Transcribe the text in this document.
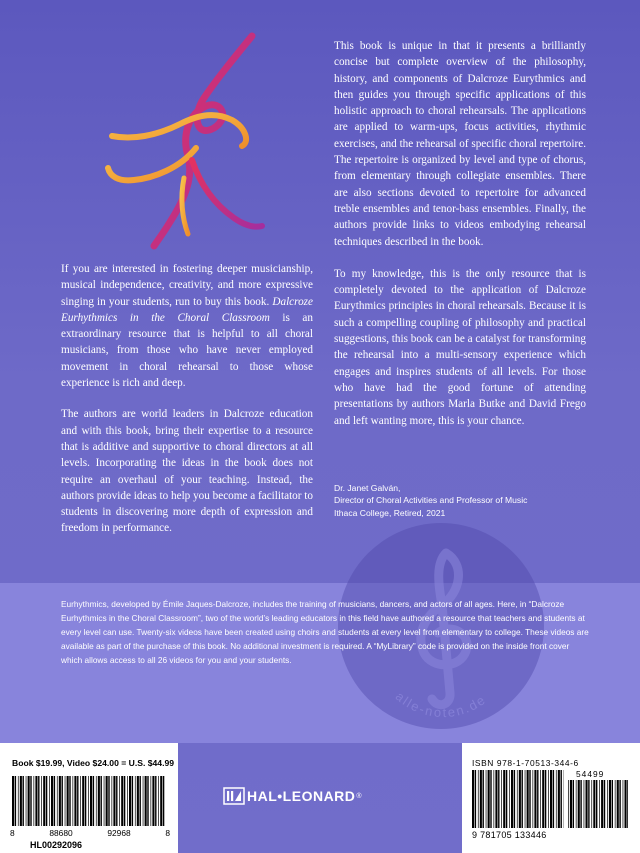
alle-noten.de

This book is unique in that it presents a brilliantly concise but complete overview of the philosophy, history, and components of Dalcroze Eurythmics and then guides you through specific applications of this holistic approach to choral rehearsals. The applications are applied to warm-ups, focus activities, rhythmic exercises, and the rehearsal of specific choral repertoire. The repertoire is organized by level and type of chorus, from elementary through collegiate ensembles. There are also sections devoted to repertoire for advanced treble ensembles and tenor-bass ensembles. Finally, the authors provide links to videos embodying rehearsal techniques described in the book.

To my knowledge, this is the only resource that is completely devoted to the application of Dalcroze Eurythmics principles in choral rehearsals. Because it is such a compelling coupling of philosophy and practical suggestions, this book can be a catalyst for transforming the rehearsal into a multi-sensory experience which engages and inspires students of all levels. For those who have had the good fortune of attending presentations by authors Marla Butke and David Frego and left wanting more, this is your chance.

Dr. Janet Galván,
Director of Choral Activities and Professor of Music
Ithaca College, Retired, 2021

If you are interested in fostering deeper musicianship, musical independence, creativity, and more expressive singing in your students, run to buy this book. Dalcroze Eurhythmics in the Choral Classroom is an extraordinary resource that is helpful to all choral musicians, from those who have never employed movement in choral rehearsal to those whose experience is rich and deep.

The authors are world leaders in Dalcroze education and with this book, bring their expertise to a resource that is additive and supportive to choral directors at all levels. Incorporating the ideas in the book does not require an overhaul of your teaching. Instead, the authors provide ideas to help you become a facilitator to students in discovering more depth of expression and freedom in performance.

Eurhythmics, developed by Émile Jaques-Dalcroze, includes the training of musicians, dancers, and actors of all ages. Here, in “Dalcroze Eurhythmics in the Choral Classroom”, two of the world’s leading educators in this field have authored a resource that teachers and students at every level can use. Twenty-six videos have been created using choirs and students at every level from elementary to college. These videos are available as part of the purchase of this book. No additional investment is required. A “MyLibrary” code is provided on the inside front cover which allows access to all 26 videos for you and your students.
Book $19.99, Video $24.00 = U.S. $44.99
8	88680	92968	8
HL00292096
HAL•LEONARD ®
ISBN 978-1-70513-344-6
54499
9 781705 133446
